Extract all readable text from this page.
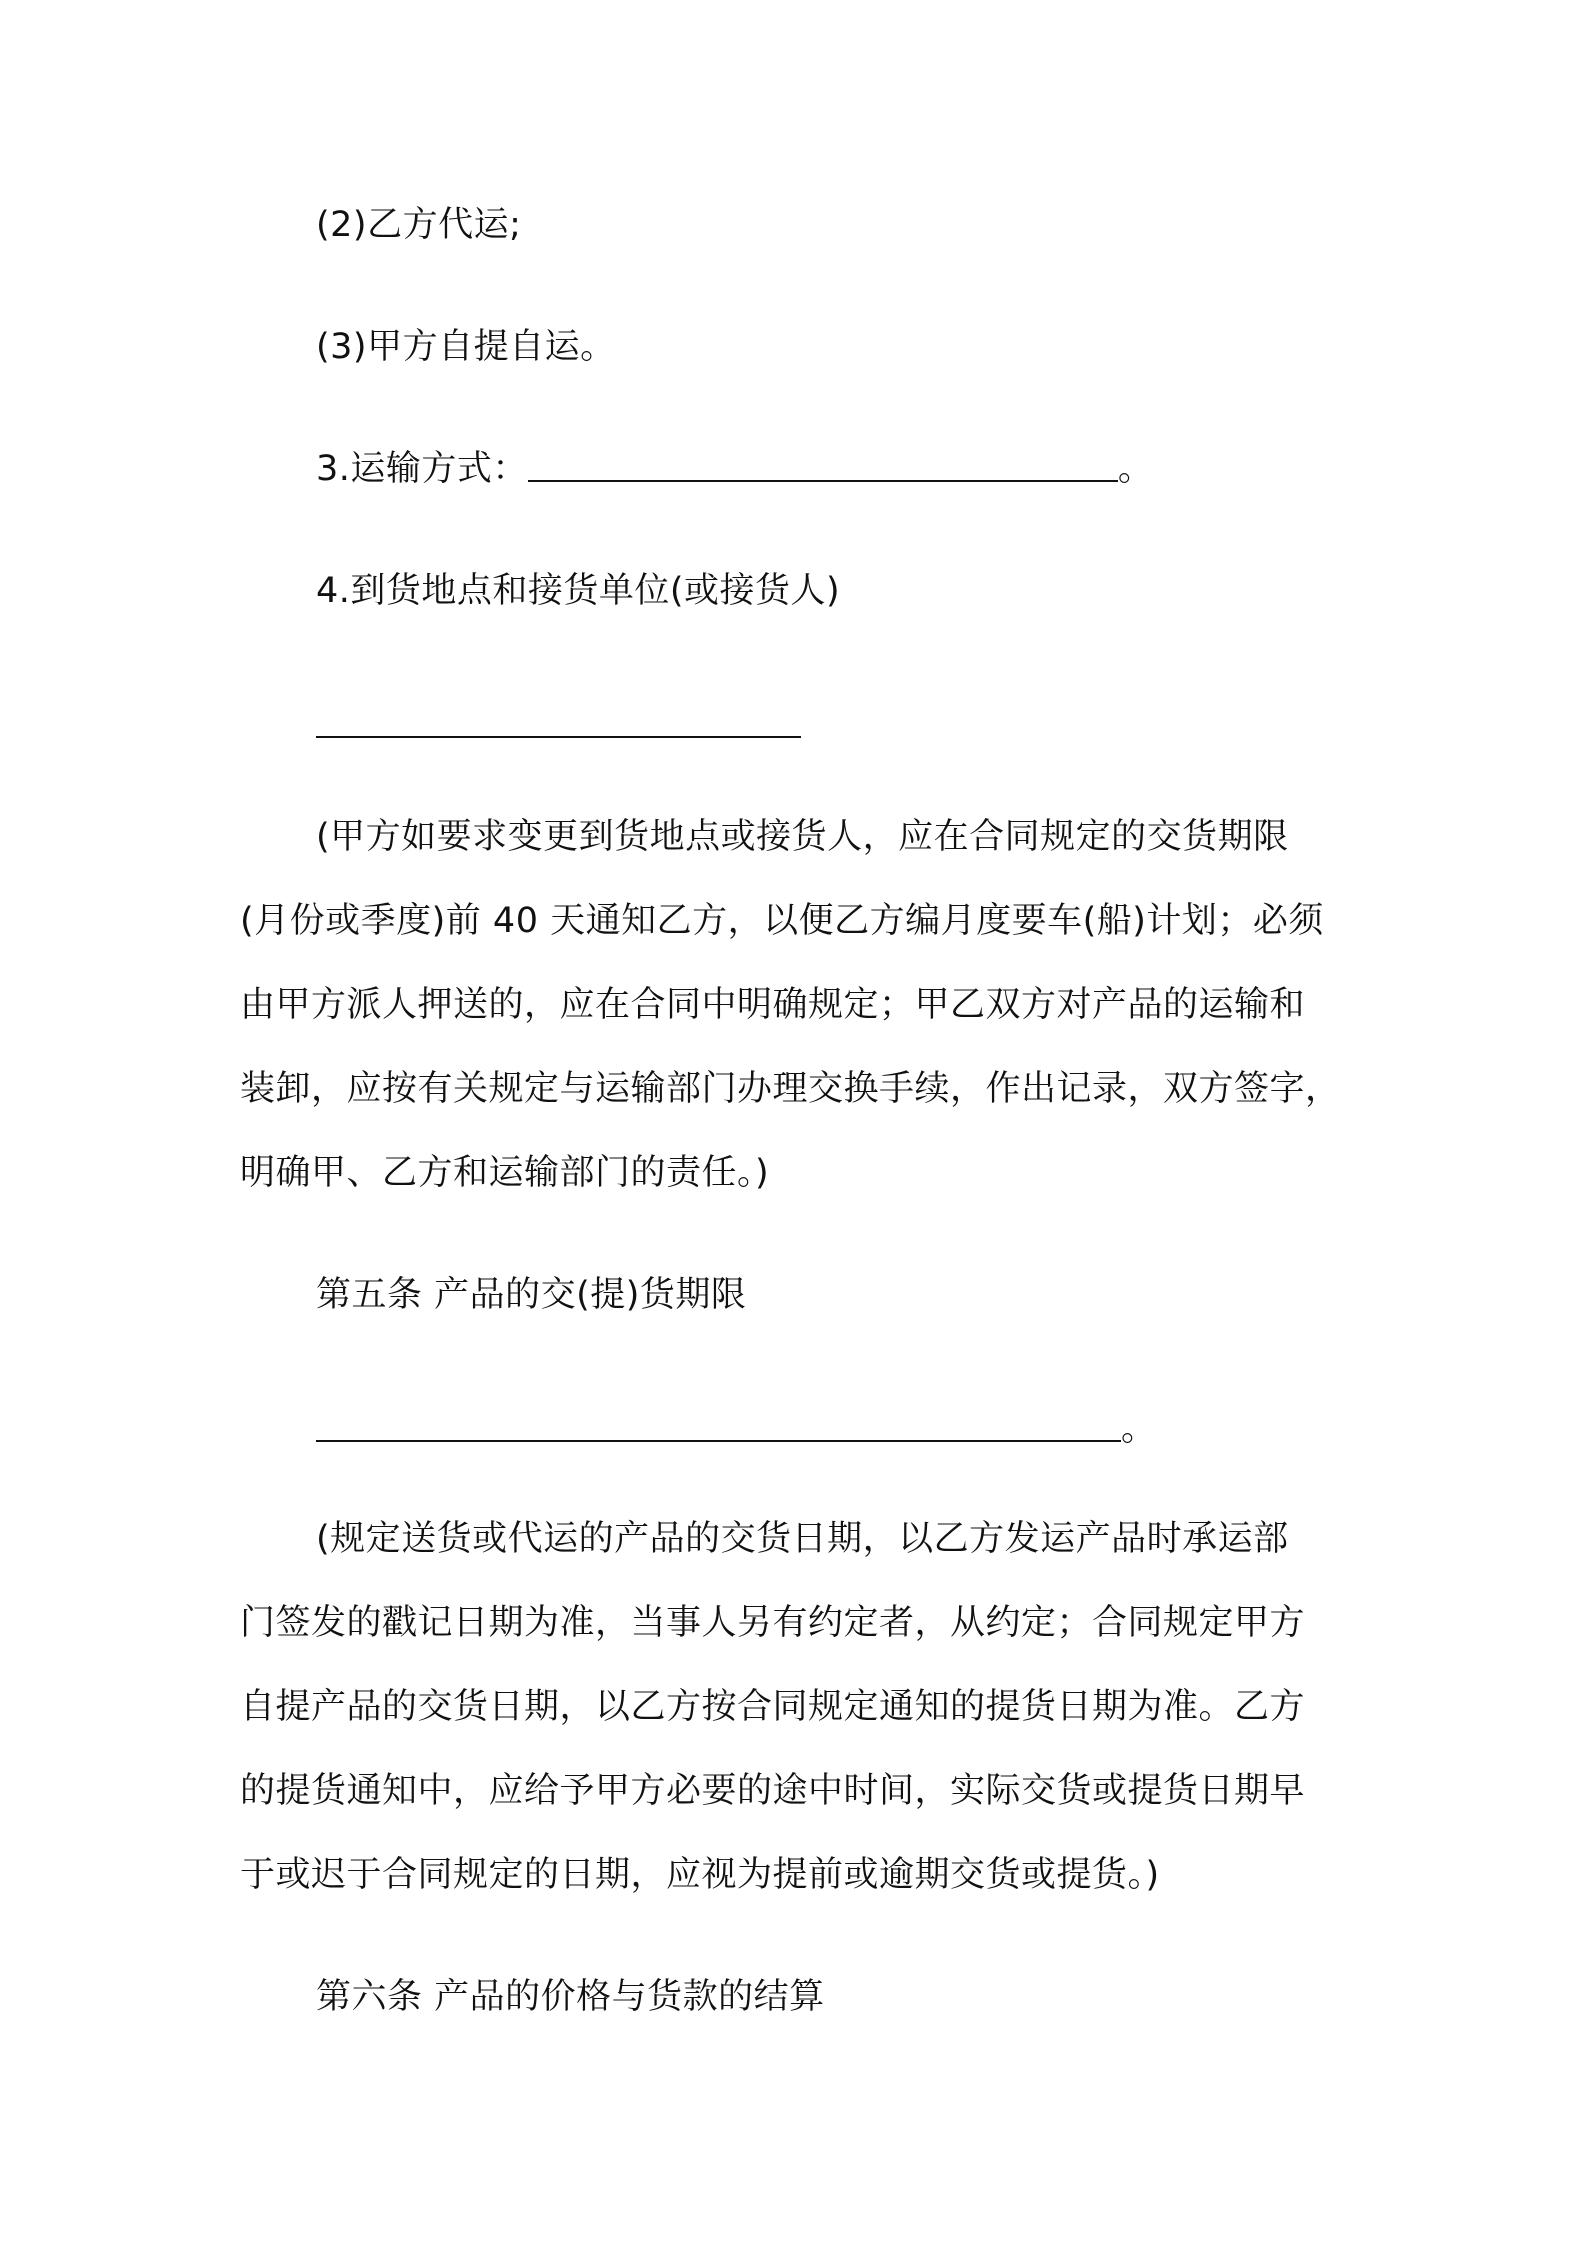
(2)乙方代运;
(3)甲方自提自运。
3.运输方式：	。
4.到货地点和接货单位(或接货人)
(甲方如要求变更到货地点或接货人，应在合同规定的交货期限
(月份或季度)前 40 天通知乙方，以便乙方编月度要车(船)计划；必须
由甲方派人押送的，应在合同中明确规定；甲乙双方对产品的运输和
装卸，应按有关规定与运输部门办理交换手续，作出记录，双方签字，
明确甲、乙方和运输部门的责任。)
第五条 产品的交(提)货期限
。
(规定送货或代运的产品的交货日期，以乙方发运产品时承运部
门签发的戳记日期为准，当事人另有约定者，从约定；合同规定甲方
自提产品的交货日期，以乙方按合同规定通知的提货日期为准。乙方
的提货通知中，应给予甲方必要的途中时间，实际交货或提货日期早
于或迟于合同规定的日期，应视为提前或逾期交货或提货。)
第六条 产品的价格与货款的结算
